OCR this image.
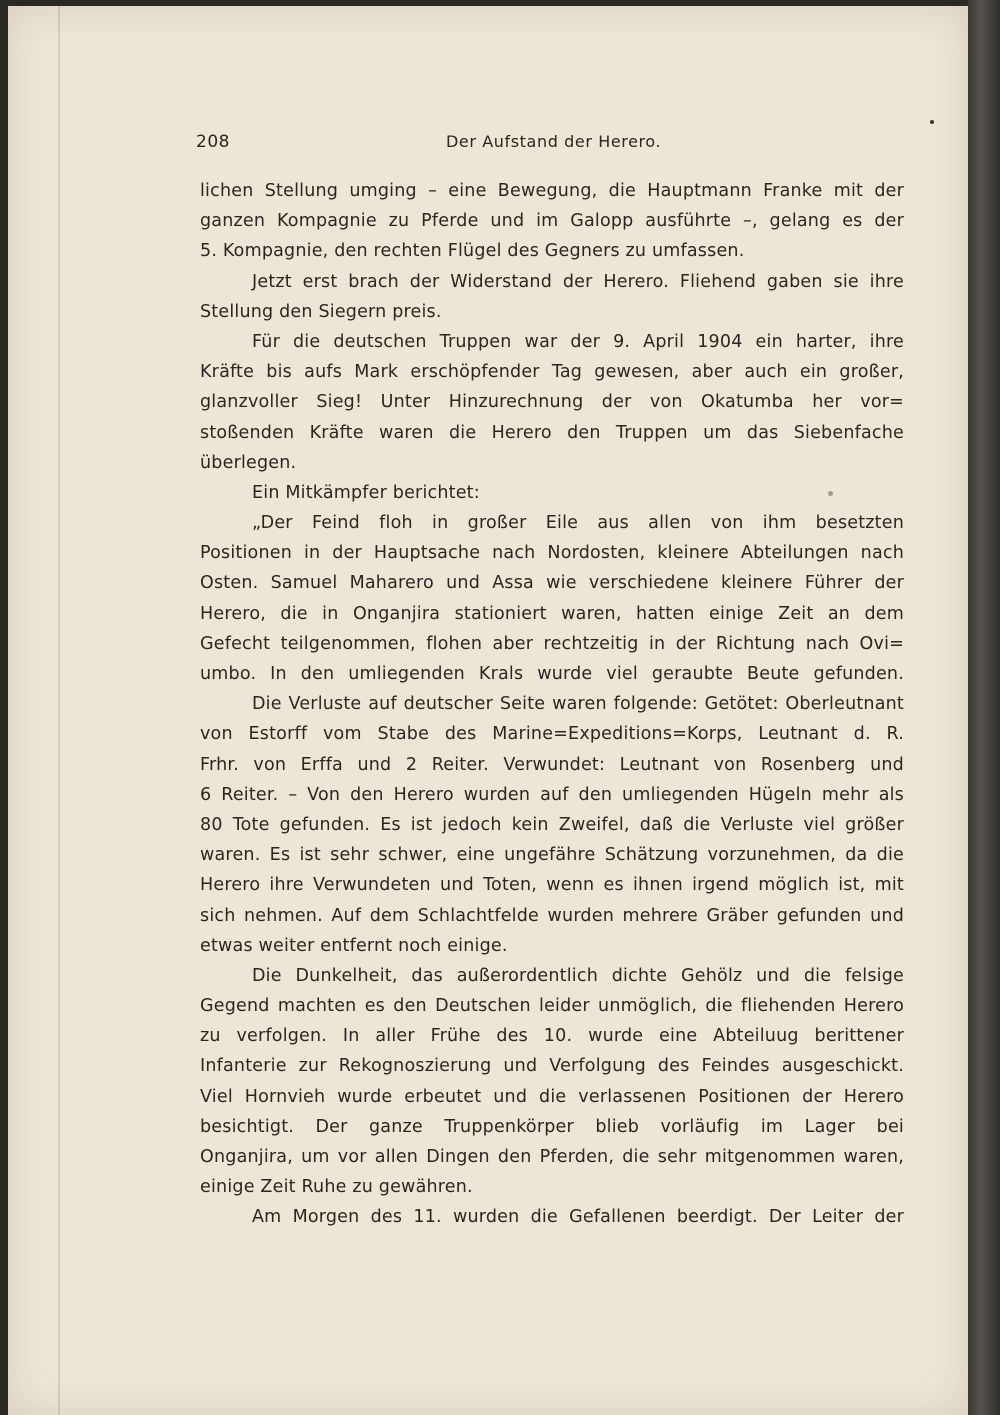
208	Der Aufstand der Herero.
lichen Stellung umging – eine Bewegung, die Hauptmann Franke mit der
ganzen Kompagnie zu Pferde und im Galopp ausführte –, gelang es der
5. Kompagnie, den rechten Flügel des Gegners zu umfassen.
Jetzt erst brach der Widerstand der Herero. Fliehend gaben sie ihre
Stellung den Siegern preis.
Für die deutschen Truppen war der 9. April 1904 ein harter, ihre
Kräfte bis aufs Mark erschöpfender Tag gewesen, aber auch ein großer,
glanzvoller Sieg! Unter Hinzurechnung der von Okatumba her vor=
stoßenden Kräfte waren die Herero den Truppen um das Siebenfache
überlegen.
Ein Mitkämpfer berichtet:
„Der Feind floh in großer Eile aus allen von ihm besetzten
Positionen in der Hauptsache nach Nordosten, kleinere Abteilungen nach
Osten. Samuel Maharero und Assa wie verschiedene kleinere Führer der
Herero, die in Onganjira stationiert waren, hatten einige Zeit an dem
Gefecht teilgenommen, flohen aber rechtzeitig in der Richtung nach Ovi=
umbo. In den umliegenden Krals wurde viel geraubte Beute gefunden.
Die Verluste auf deutscher Seite waren folgende: Getötet: Oberleutnant
von Estorff vom Stabe des Marine=Expeditions=Korps, Leutnant d. R.
Frhr. von Erffa und 2 Reiter. Verwundet: Leutnant von Rosenberg und
6 Reiter. – Von den Herero wurden auf den umliegenden Hügeln mehr als
80 Tote gefunden. Es ist jedoch kein Zweifel, daß die Verluste viel größer
waren. Es ist sehr schwer, eine ungefähre Schätzung vorzunehmen, da die
Herero ihre Verwundeten und Toten, wenn es ihnen irgend möglich ist, mit
sich nehmen. Auf dem Schlachtfelde wurden mehrere Gräber gefunden und
etwas weiter entfernt noch einige.
Die Dunkelheit, das außerordentlich dichte Gehölz und die felsige
Gegend machten es den Deutschen leider unmöglich, die fliehenden Herero
zu verfolgen. In aller Frühe des 10. wurde eine Abteiluug berittener
Infanterie zur Rekognoszierung und Verfolgung des Feindes ausgeschickt.
Viel Hornvieh wurde erbeutet und die verlassenen Positionen der Herero
besichtigt. Der ganze Truppenkörper blieb vorläufig im Lager bei
Onganjira, um vor allen Dingen den Pferden, die sehr mitgenommen waren,
einige Zeit Ruhe zu gewähren.
Am Morgen des 11. wurden die Gefallenen beerdigt. Der Leiter der
